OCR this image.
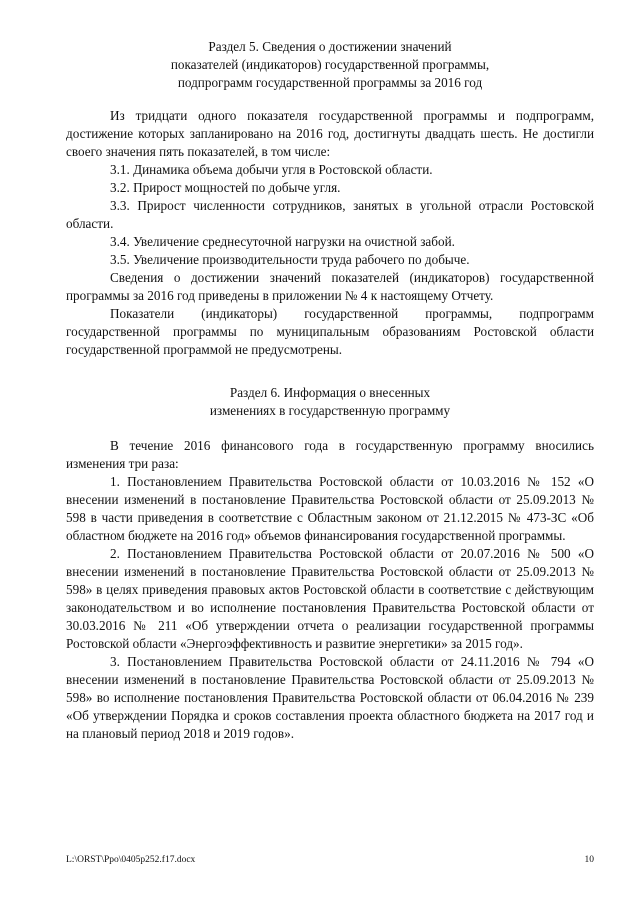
Раздел 5. Сведения о достижении значений
показателей (индикаторов) государственной программы,
подпрограмм государственной программы за 2016 год

Из тридцати одного показателя государственной программы и подпрограмм, достижение которых запланировано на 2016 год, достигнуты двадцать шесть. Не достигли своего значения пять показателей, в том числе:

3.1. Динамика объема добычи угля в Ростовской области.

3.2. Прирост мощностей по добыче угля.

3.3. Прирост численности сотрудников, занятых в угольной отрасли Ростовской области.

3.4. Увеличение среднесуточной нагрузки на очистной забой.

3.5. Увеличение производительности труда рабочего по добыче.

Сведения о достижении значений показателей (индикаторов) государственной программы за 2016 год приведены в приложении № 4 к настоящему Отчету.

Показатели (индикаторы) государственной программы, подпрограмм государственной программы по муниципальным образованиям Ростовской области государственной программой не предусмотрены.

Раздел 6. Информация о внесенных
изменениях в государственную программу

В течение 2016 финансового года в государственную программу вносились изменения три раза:

1. Постановлением Правительства Ростовской области от 10.03.2016 № 152 «О внесении изменений в постановление Правительства Ростовской области от 25.09.2013 № 598 в части приведения в соответствие с Областным законом от 21.12.2015 № 473-ЗС «Об областном бюджете на 2016 год» объемов финансирования государственной программы.

2. Постановлением Правительства Ростовской области от 20.07.2016 № 500 «О внесении изменений в постановление Правительства Ростовской области от 25.09.2013 № 598» в целях приведения правовых актов Ростовской области в соответствие с действующим законодательством и во исполнение постановления Правительства Ростовской области от 30.03.2016 № 211 «Об утверждении отчета о реализации государственной программы Ростовской области «Энергоэффективность и развитие энергетики» за 2015 год».

3. Постановлением Правительства Ростовской области от 24.11.2016 № 794 «О внесении изменений в постановление Правительства Ростовской области от 25.09.2013 № 598» во исполнение постановления Правительства Ростовской области от 06.04.2016 № 239 «Об утверждении Порядка и сроков составления проекта областного бюджета на 2017 год и на плановый период 2018 и 2019 годов».

L:\ORST\Ppo\0405p252.f17.docx	10
